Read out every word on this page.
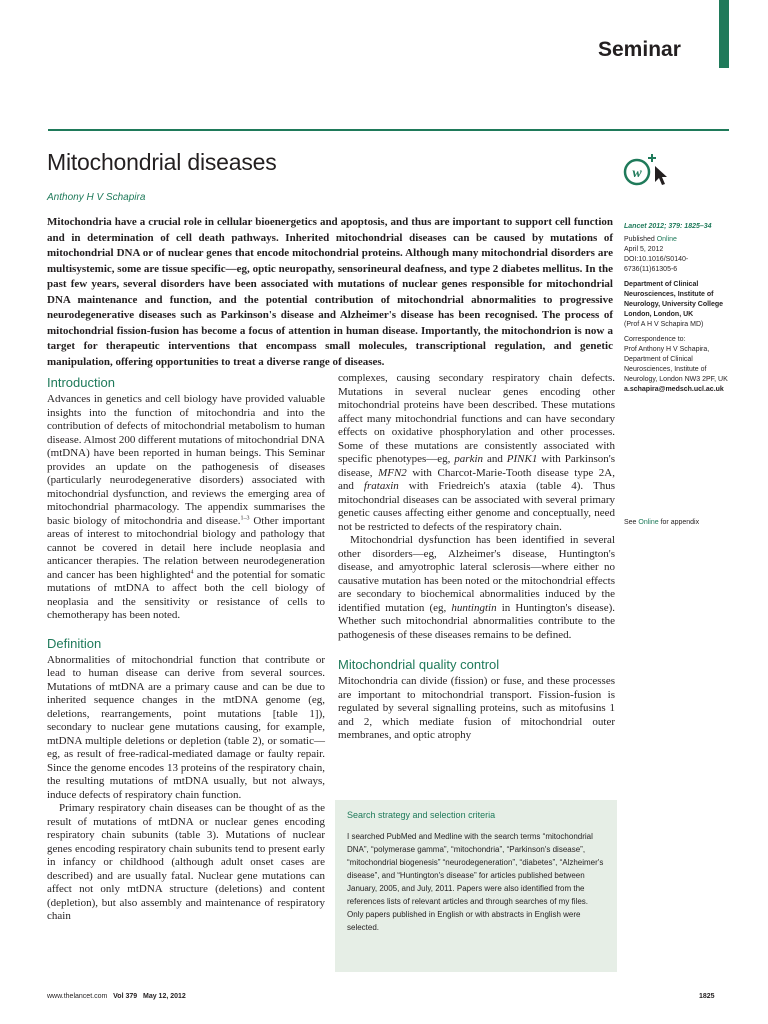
Seminar
Mitochondrial diseases
Anthony H V Schapira
w

Mitochondria have a crucial role in cellular bioenergetics and apoptosis, and thus are important to support cell function and in determination of cell death pathways. Inherited mitochondrial diseases can be caused by mutations of mitochondrial DNA or of nuclear genes that encode mitochondrial proteins. Although many mitochondrial disorders are multisystemic, some are tissue specific—eg, optic neuropathy, sensorineural deafness, and type 2 diabetes mellitus. In the past few years, several disorders have been associated with mutations of nuclear genes responsible for mitochondrial DNA maintenance and function, and the potential contribution of mitochondrial abnormalities to progressive neurodegenerative diseases such as Parkinson's disease and Alzheimer's disease has been recognised. The process of mitochondrial fission-fusion has become a focus of attention in human disease. Importantly, the mitochondrion is now a target for therapeutic interventions that encompass small molecules, transcriptional regulation, and genetic manipulation, offering opportunities to treat a diverse range of diseases.

Lancet 2012; 379: 1825–34
Published Online
April 5, 2012
DOI:10.1016/S0140-6736(11)61305-6
Department of Clinical Neurosciences, Institute of Neurology, University College London, London, UK
(Prof A H V Schapira MD)
Correspondence to:
Prof Anthony H V Schapira, Department of Clinical Neurosciences, Institute of Neurology, London NW3 2PF, UK
a.schapira@medsch.ucl.ac.uk
See Online for appendix
Introduction

Advances in genetics and cell biology have provided valuable insights into the function of mitochondria and into the contribution of defects of mitochondrial metabolism to human disease. Almost 200 different mutations of mitochondrial DNA (mtDNA) have been reported in human beings. This Seminar provides an update on the pathogenesis of diseases (particularly neurodegenerative disorders) associated with mitochondrial dysfunction, and reviews the emerging area of mitochondrial pharmacology. The appendix summarises the basic biology of mitochondria and disease.$^{1-3}$ Other important areas of interest to mitochondrial biology and pathology that cannot be covered in detail here include neoplasia and anticancer therapies. The relation between neurodegeneration and cancer has been highlighted$^4$ and the potential for somatic mutations of mtDNA to affect both the cell biology of neoplasia and the sensitivity or resistance of cells to chemotherapy has been noted.

Definition

Abnormalities of mitochondrial function that contribute or lead to human disease can derive from several sources. Mutations of mtDNA are a primary cause and can be due to inherited sequence changes in the mtDNA genome (eg, deletions, rearrangements, point mutations [table 1]), secondary to nuclear gene mutations causing, for example, mtDNA multiple deletions or depletion (table 2), or somatic—eg, as result of free-radical-mediated damage or faulty repair. Since the genome encodes 13 proteins of the respiratory chain, the resulting mutations of mtDNA usually, but not always, induce defects of respiratory chain function.

Primary respiratory chain diseases can be thought of as the result of mutations of mtDNA or nuclear genes encoding respiratory chain subunits (table 3). Mutations of nuclear genes encoding respiratory chain subunits tend to present early in infancy or childhood (although adult onset cases are described) and are usually fatal. Nuclear gene mutations can affect not only mtDNA structure (deletions) and content (depletion), but also assembly and maintenance of respiratory chain

complexes, causing secondary respiratory chain defects. Mutations in several nuclear genes encoding other mitochondrial proteins have been described. These mutations affect many mitochondrial functions and can have secondary effects on oxidative phosphorylation and other processes. Some of these mutations are consistently associated with specific phenotypes—eg, parkin and PINK1 with Parkinson's disease, MFN2 with Charcot-Marie-Tooth disease type 2A, and frataxin with Friedreich's ataxia (table 4). Thus mitochondrial diseases can be associated with several primary genetic causes affecting either genome and conceptually, need not be restricted to defects of the respiratory chain.

Mitochondrial dysfunction has been identified in several other disorders—eg, Alzheimer's disease, Huntington's disease, and amyotrophic lateral sclerosis—where either no causative mutation has been noted or the mitochondrial effects are secondary to biochemical abnormalities induced by the identified mutation (eg, huntingtin in Huntington's disease). Whether such mitochondrial abnormalities contribute to the pathogenesis of these diseases remains to be defined.

Mitochondrial quality control

Mitochondria can divide (fission) or fuse, and these processes are important to mitochondrial transport. Fission-fusion is regulated by several signalling proteins, such as mitofusins 1 and 2, which mediate fusion of mitochondrial outer membranes, and optic atrophy

Search strategy and selection criteria

I searched PubMed and Medline with the search terms “mitochondrial DNA”, “polymerase gamma”, “mitochondria”, “Parkinson's disease”, “mitochondrial biogenesis” “neurodegeneration”, “diabetes”, “Alzheimer's disease”, and “Huntington's disease” for articles published between January, 2005, and July, 2011. Papers were also identified from the references lists of relevant articles and through searches of my files. Only papers published in English or with abstracts in English were selected.

www.thelancet.com Vol 379 May 12, 2012	1825
